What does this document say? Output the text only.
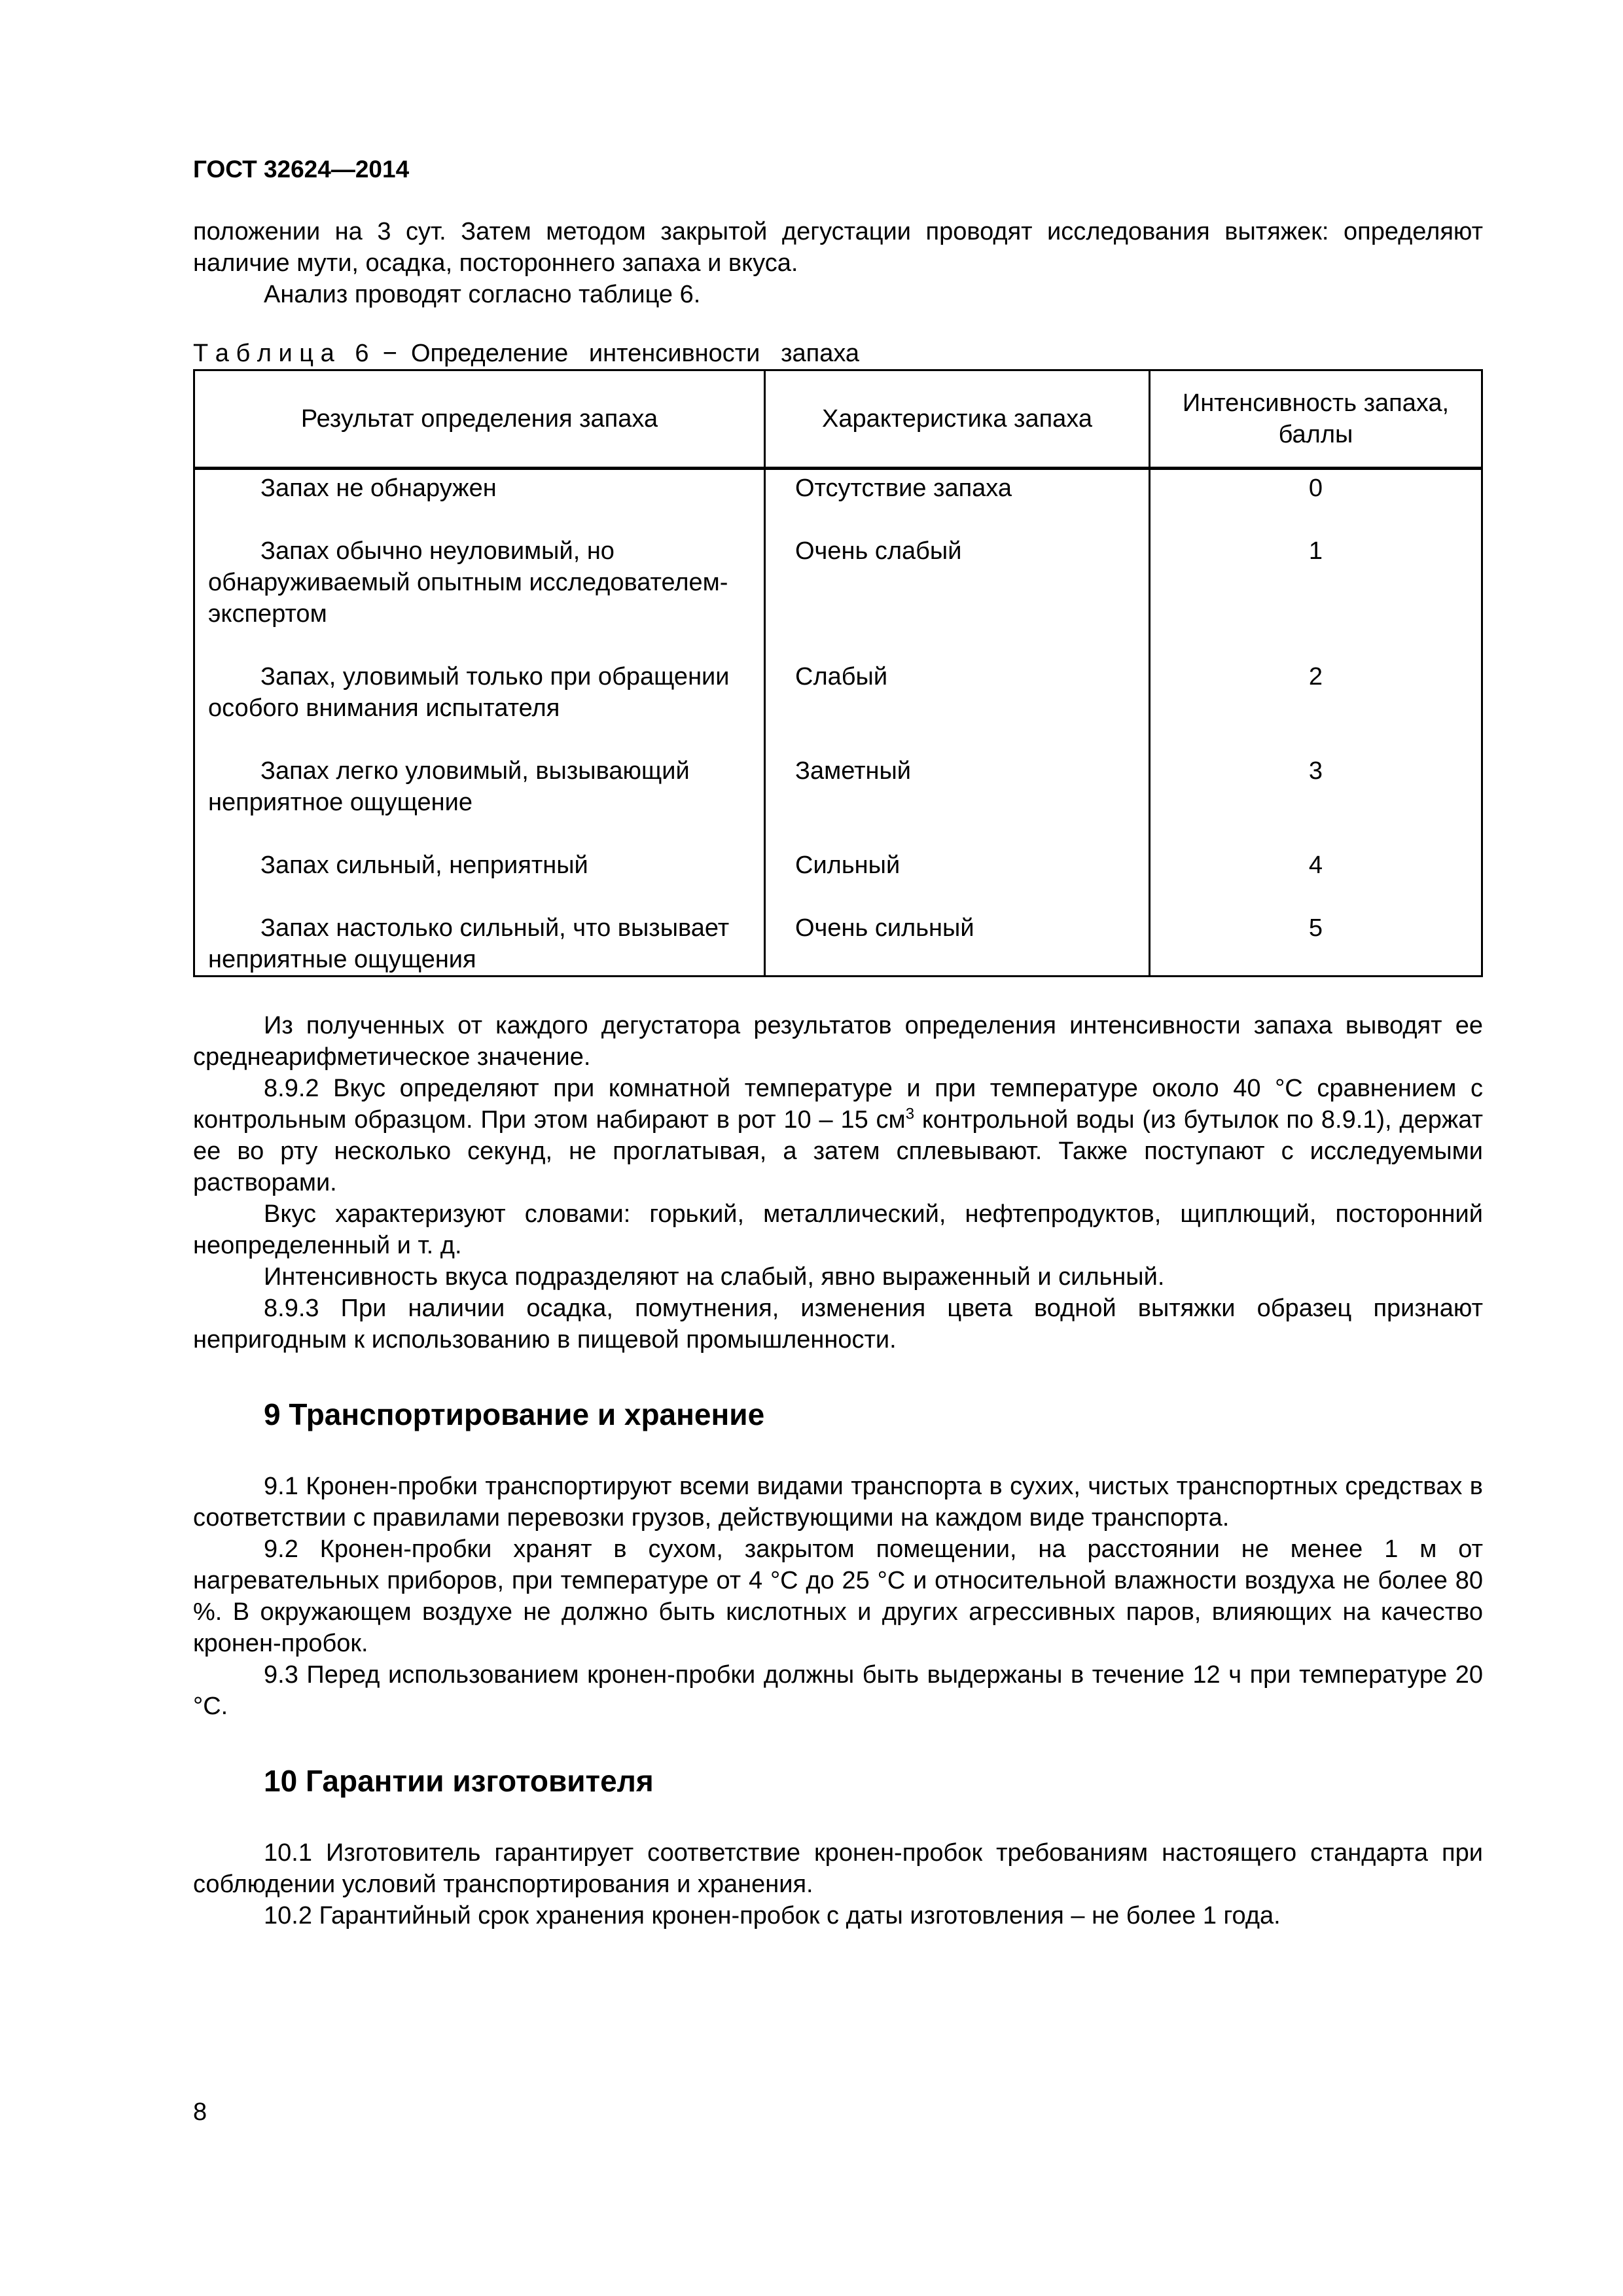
ГОСТ 32624—2014

положении на 3 сут. Затем методом закрытой дегустации проводят исследования вытяжек: определяют наличие мути, осадка, постороннего запаха и вкуса.

Анализ проводят согласно таблице 6.

Т а б л и ц а   6  −  Определение   интенсивности   запаха
Результат определения запаха	Характеристика запаха	Интенсивность запаха, баллы

Запах не обнаружен	Отсутствие запаха	0

Запах обычно неуловимый, но обнаруживаемый опытным исследователем-экспертом	Очень слабый	1

Запах, уловимый только при обращении особого внимания испытателя	Слабый	2

Запах легко уловимый, вызывающий неприятное ощущение	Заметный	3

Запах сильный, неприятный	Сильный	4

Запах настолько сильный, что вызывает неприятные ощущения	Очень сильный	5

Из полученных от каждого дегустатора результатов определения интенсивности запаха выводят ее среднеарифметическое значение.

8.9.2 Вкус определяют при комнатной температуре и при температуре около 40 °С сравнением с контрольным образцом. При этом набирают в рот 10 – 15 $см^3$ контрольной воды (из бутылок по 8.9.1), держат ее во рту несколько секунд, не проглатывая, а затем сплевывают. Также поступают с исследуемыми растворами.

Вкус характеризуют словами: горький, металлический, нефтепродуктов, щиплющий, посторонний неопределенный и т. д.

Интенсивность вкуса подразделяют на слабый, явно выраженный и сильный.

8.9.3 При наличии осадка, помутнения, изменения цвета водной вытяжки образец признают непригодным к использованию в пищевой промышленности.

9 Транспортирование и хранение

9.1 Кронен-пробки транспортируют всеми видами транспорта в сухих, чистых транспортных средствах в соответствии с правилами перевозки грузов, действующими на каждом виде транспорта.

9.2 Кронен-пробки хранят в сухом, закрытом помещении, на расстоянии не менее 1 м от нагревательных приборов, при температуре от 4 °С до 25 °С и относительной влажности воздуха не более 80 %. В окружающем воздухе не должно быть кислотных и других агрессивных паров, влияющих на качество кронен-пробок.

9.3 Перед использованием кронен-пробки должны быть выдержаны в течение 12 ч при температуре 20 °С.

10 Гарантии изготовителя

10.1 Изготовитель гарантирует соответствие кронен-пробок требованиям настоящего стандарта при соблюдении условий транспортирования и хранения.

10.2 Гарантийный срок хранения кронен-пробок с даты изготовления – не более 1 года.

8
